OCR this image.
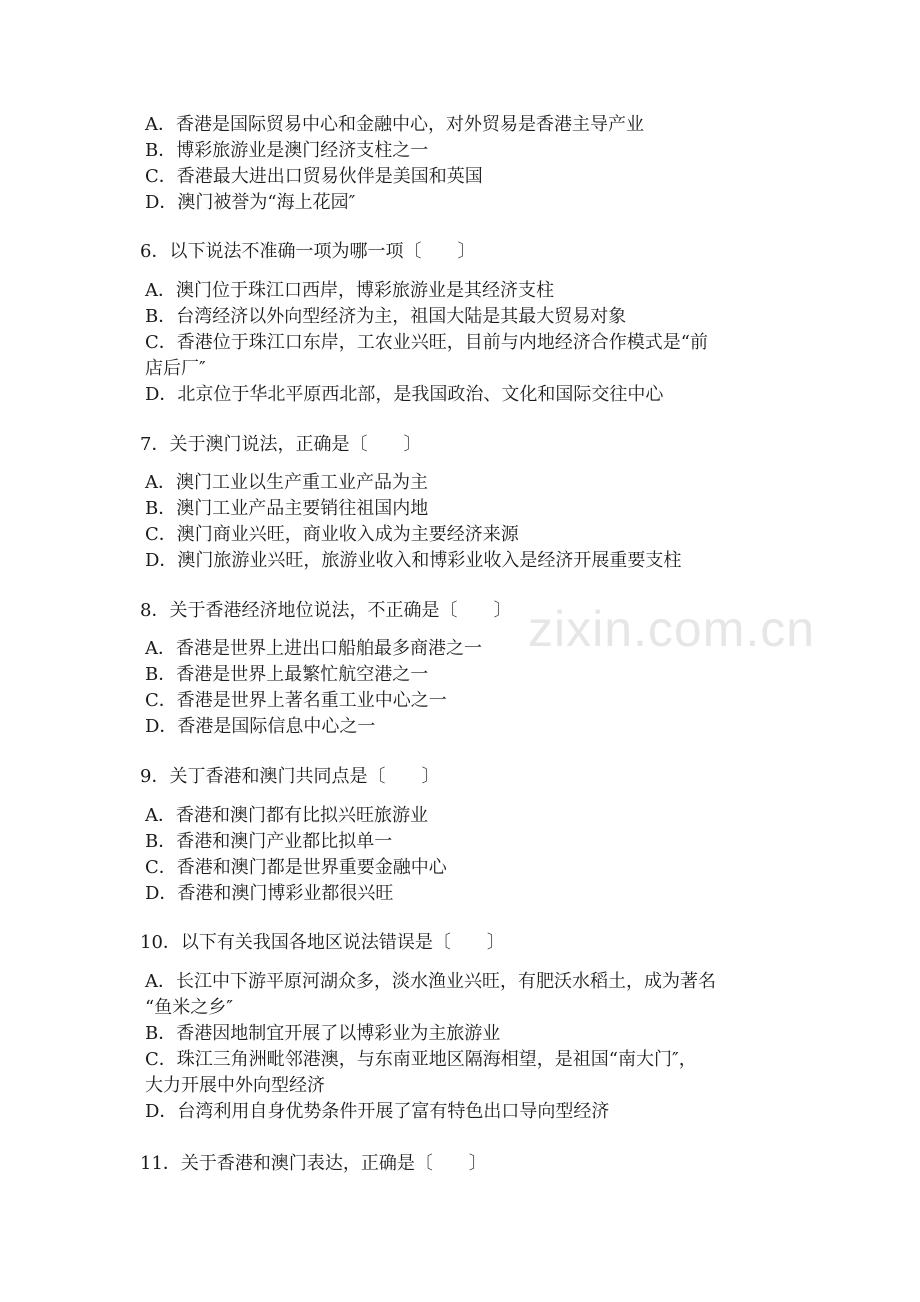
zixin.com.cn
A．香港是国际贸易中心和金融中心，对外贸易是香港主导产业
B．博彩旅游业是澳门经济支柱之一
C．香港最大进出口贸易伙伴是美国和英国
D．澳门被誉为“海上花园″
6．以下说法不准确一项为哪一项〔　　〕
A．澳门位于珠江口西岸，博彩旅游业是其经济支柱
B．台湾经济以外向型经济为主，祖国大陆是其最大贸易对象
C．香港位于珠江口东岸，工农业兴旺，目前与内地经济合作模式是“前
店后厂″
D．北京位于华北平原西北部，是我国政治、文化和国际交往中心
7．关于澳门说法，正确是〔　　〕
A．澳门工业以生产重工业产品为主
B．澳门工业产品主要销往祖国内地
C．澳门商业兴旺，商业收入成为主要经济来源
D．澳门旅游业兴旺，旅游业收入和博彩业收入是经济开展重要支柱
8．关于香港经济地位说法，不正确是〔　　〕
A．香港是世界上进出口船舶最多商港之一
B．香港是世界上最繁忙航空港之一
C．香港是世界上著名重工业中心之一
D．香港是国际信息中心之一
9．关丁香港和澳门共同点是〔　　〕
A．香港和澳门都有比拟兴旺旅游业
B．香港和澳门产业都比拟单一
C．香港和澳门都是世界重要金融中心
D．香港和澳门博彩业都很兴旺
10．以下有关我国各地区说法错误是〔　　〕
A．长江中下游平原河湖众多，淡水渔业兴旺，有肥沃水稻土，成为著名
“鱼米之乡″
B．香港因地制宜开展了以博彩业为主旅游业
C．珠江三角洲毗邻港澳，与东南亚地区隔海相望，是祖国“南大门″，
大力开展中外向型经济
D．台湾利用自身优势条件开展了富有特色出口导向型经济
11．关于香港和澳门表达，正确是〔　　〕
